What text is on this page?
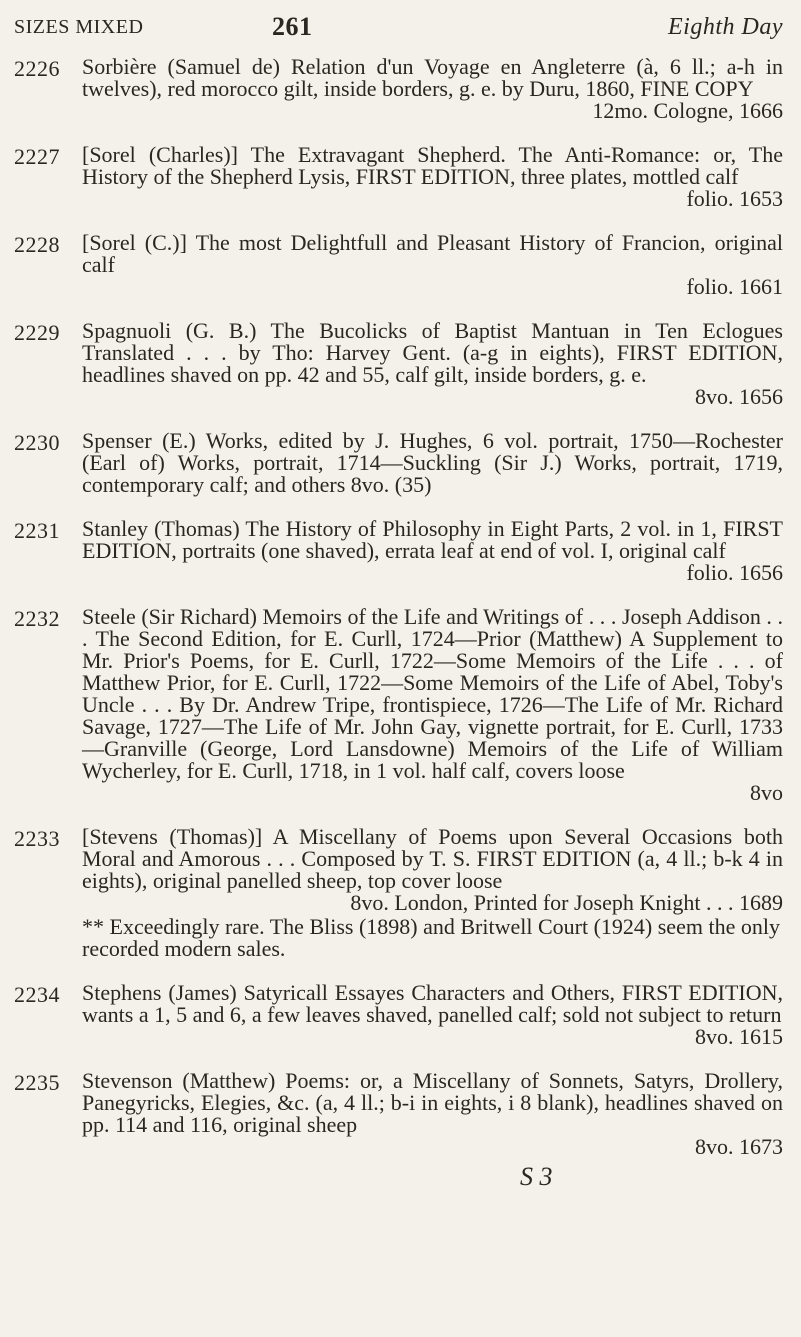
SIZES MIXED	261	Eighth Day
2226 Sorbière (Samuel de) Relation d'un Voyage en Angleterre (à, 6 ll.; a-h in twelves), red morocco gilt, inside borders, g. e. by Duru, 1860, FINE COPY
12mo. Cologne, 1666
2227 [Sorel (Charles)] The Extravagant Shepherd. The Anti-Romance: or, The History of the Shepherd Lysis, FIRST EDITION, three plates, mottled calf
folio. 1653
2228 [Sorel (C.)] The most Delightfull and Pleasant History of Francion, original calf
folio. 1661
2229 Spagnuoli (G. B.) The Bucolicks of Baptist Mantuan in Ten Eclogues Translated . . . by Tho: Harvey Gent. (a-g in eights), FIRST EDITION, headlines shaved on pp. 42 and 55, calf gilt, inside borders, g. e.
8vo. 1656
2230 Spenser (E.) Works, edited by J. Hughes, 6 vol. portrait, 1750—Rochester (Earl of) Works, portrait, 1714—Suckling (Sir J.) Works, portrait, 1719, contemporary calf; and others 8vo. (35)
2231 Stanley (Thomas) The History of Philosophy in Eight Parts, 2 vol. in 1, FIRST EDITION, portraits (one shaved), errata leaf at end of vol. I, original calf
folio. 1656
2232 Steele (Sir Richard) Memoirs of the Life and Writings of . . . Joseph Addison . . . The Second Edition, for E. Curll, 1724—Prior (Matthew) A Supplement to Mr. Prior's Poems, for E. Curll, 1722—Some Memoirs of the Life . . . of Matthew Prior, for E. Curll, 1722—Some Memoirs of the Life of Abel, Toby's Uncle . . . By Dr. Andrew Tripe, frontispiece, 1726—The Life of Mr. Richard Savage, 1727—The Life of Mr. John Gay, vignette portrait, for E. Curll, 1733—Granville (George, Lord Lansdowne) Memoirs of the Life of William Wycherley, for E. Curll, 1718, in 1 vol. half calf, covers loose
8vo
2233 [Stevens (Thomas)] A Miscellany of Poems upon Several Occasions both Moral and Amorous . . . Composed by T. S. FIRST EDITION (a, 4 ll.; b-k 4 in eights), original panelled sheep, top cover loose
8vo. London, Printed for Joseph Knight . . . 1689
** Exceedingly rare. The Bliss (1898) and Britwell Court (1924) seem the only recorded modern sales.
2234 Stephens (James) Satyricall Essayes Characters and Others, FIRST EDITION, wants a 1, 5 and 6, a few leaves shaved, panelled calf; sold not subject to return
8vo. 1615
2235 Stevenson (Matthew) Poems: or, a Miscellany of Sonnets, Satyrs, Drollery, Panegyricks, Elegies, &c. (a, 4 ll.; b-i in eights, i 8 blank), headlines shaved on pp. 114 and 116, original sheep
8vo. 1673
S 3
